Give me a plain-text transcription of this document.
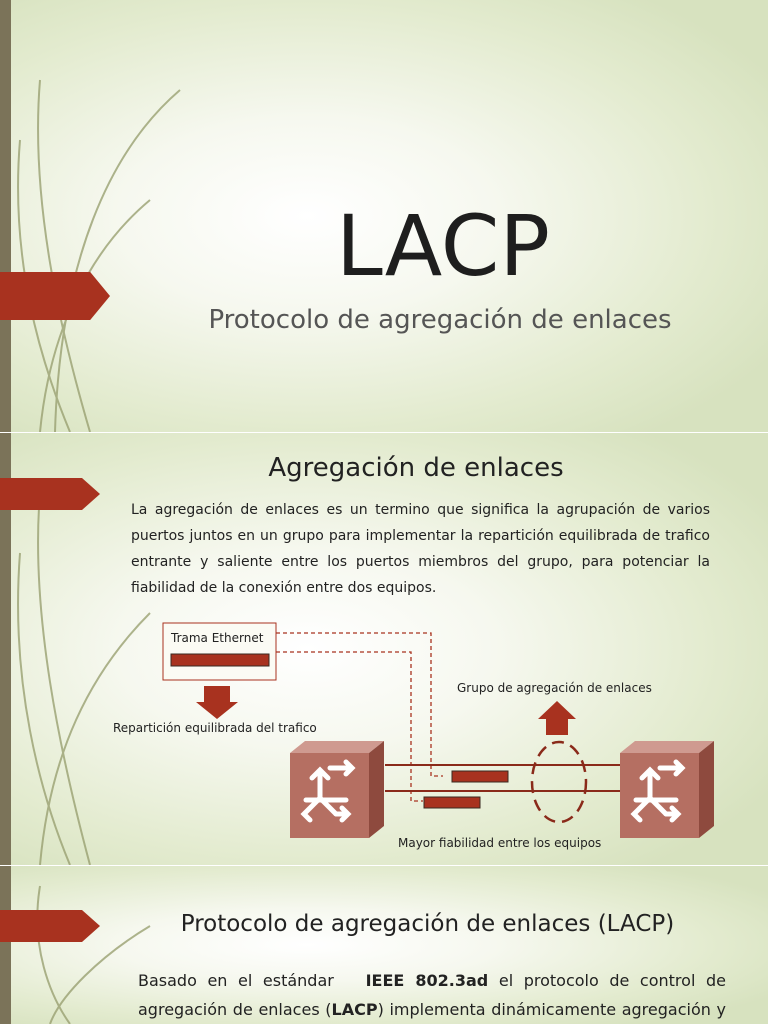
LACP
Protocolo de agregación de enlaces
Agregación de enlaces
La agregación de enlaces es un termino que significa la agrupación de varios puertos juntos en un grupo para implementar la repartición equilibrada de trafico entrante y saliente entre los puertos miembros del grupo, para potenciar la fiabilidad de la conexión entre dos equipos.
Trama Ethernet
Repartición equilibrada del trafico
Grupo de agregación de enlaces
Mayor fiabilidad entre los equipos
Protocolo de agregación de enlaces (LACP)
Basado en el estándar IEEE 802.3ad el protocolo de control de agregación de enlaces (LACP) implementa dinámicamente agregación y
